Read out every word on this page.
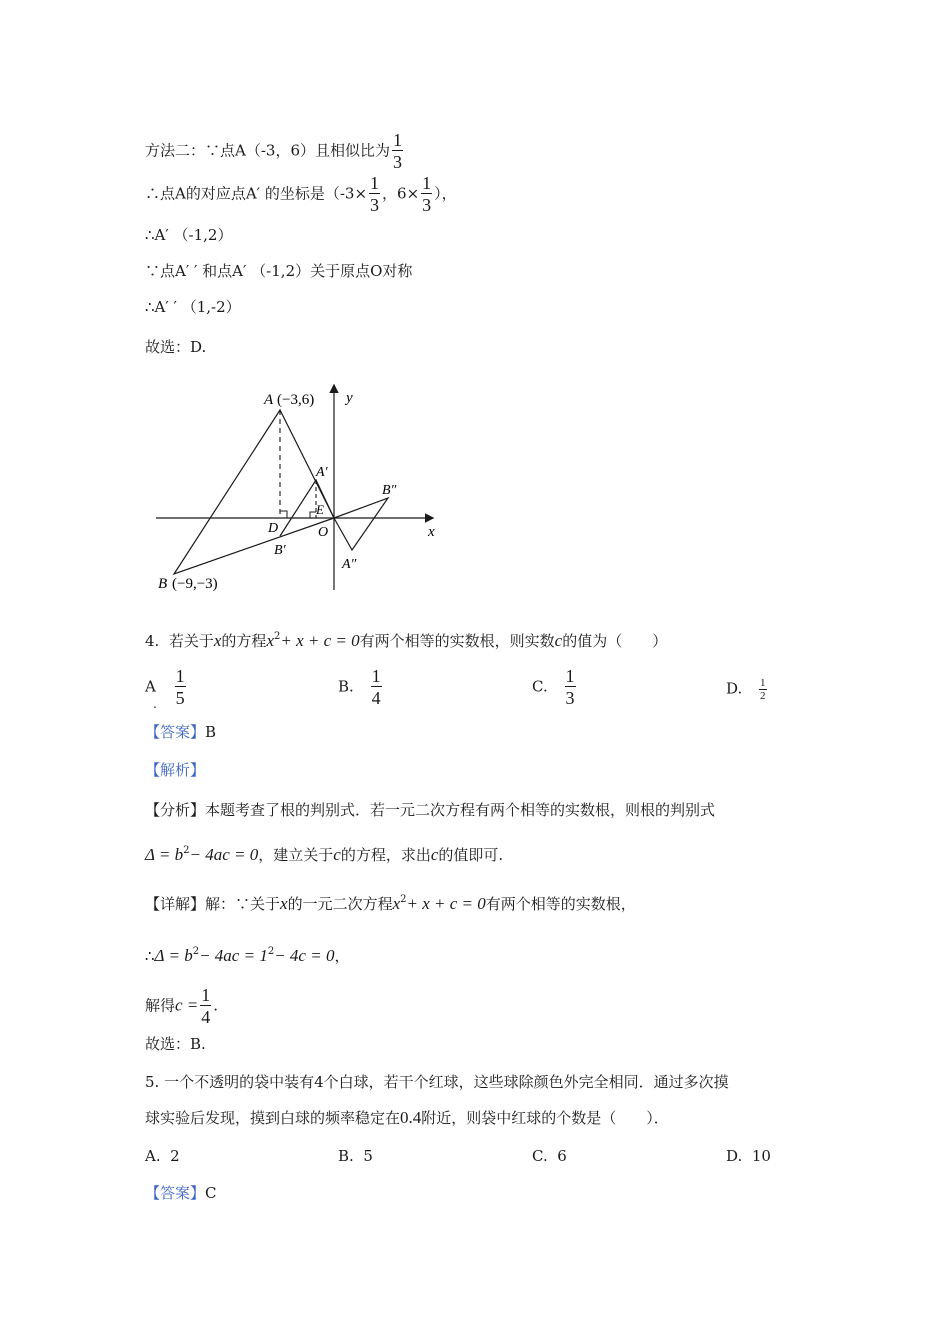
方法二：∵点A（-3，6）且相似比为 $\frac{1}{3}$
∴点A的对应点A′ 的坐标是（$-3\times \frac{1}{3}$ ，$6\times \frac{1}{3}$ ），
∴A′ （-1,2）
∵点A′ ′ 和点A′ （-1,2）关于原点O对称
∴A′ ′ （1,-2）
故选：D.
A (−3,6)
B (−9,−3)
A′
B′
A″
B″
D
E
O	x
y
4. 若关于x的方程$x^2+ x + c = 0$有两个相等的实数根，则实数c的值为（　　）
A $\frac{1}{5}$
.
B. $\frac{1}{4}$	C. $\frac{1}{3}$	D. $\frac{1}{2}$
【答案】B
【解析】
【分析】本题考查了根的判别式．若一元二次方程有两个相等的实数根，则根的判别式
$\Delta = b^2- 4ac = 0$，建立关于c的方程，求出c的值即可.
【详解】解：∵关于x的一元二次方程$x^2+ x + c = 0$有两个相等的实数根，
∴Δ = $b^2- 4ac = 1^2- 4c = 0$，
解得$c = \frac{1}{4}$ .
故选：B.
5. 一个不透明的袋中装有4个白球，若干个红球，这些球除颜色外完全相同．通过多次摸
球实验后发现，摸到白球的频率稳定在0.4附近，则袋中红球的个数是（　　）．
A. 2	B. 5	C. 6	D. 10
【答案】C
